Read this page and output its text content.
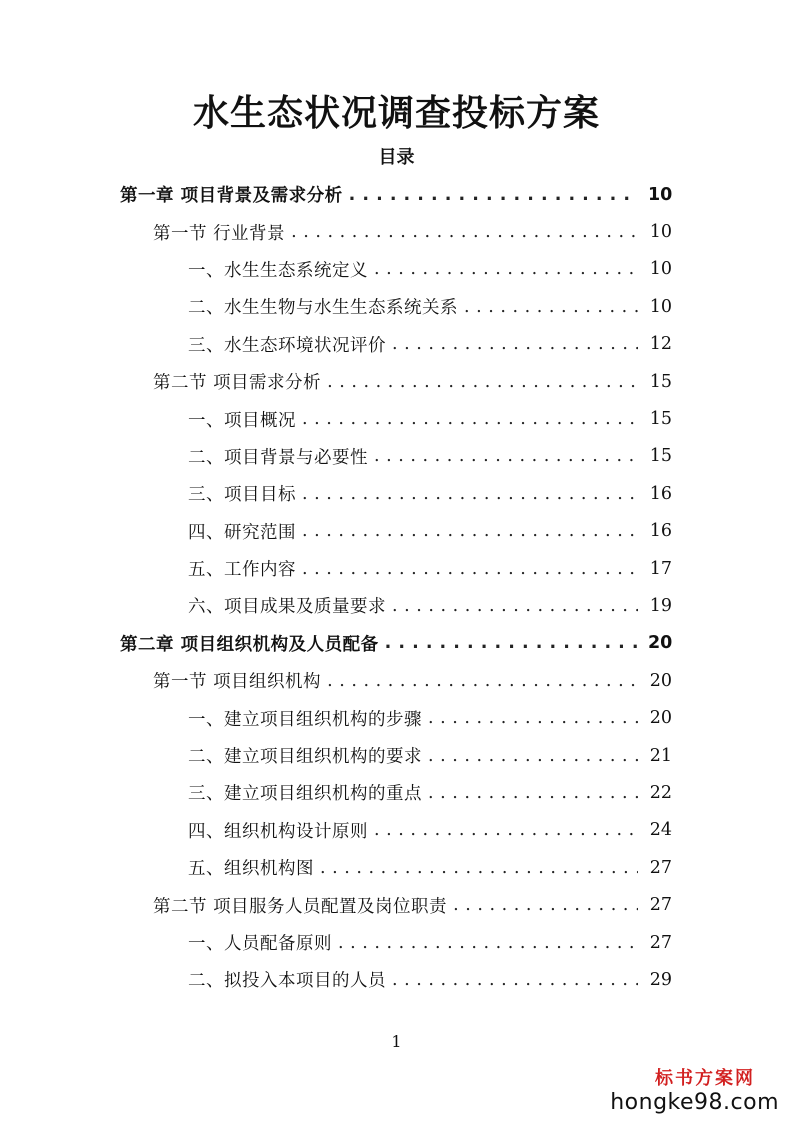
水生态状况调查投标方案
目录
第一章 项目背景及需求分析 . . .	10
第一节 行业背景 . . .	10
一、水生生态系统定义 . . .	10
二、水生生物与水生生态系统关系 . . .	10
三、水生态环境状况评价 . . .	12
第二节 项目需求分析 . . .	15
一、项目概况 . . .	15
二、项目背景与必要性 . . .	15
三、项目目标 . . .	16
四、研究范围 . . .	16
五、工作内容 . . .	17
六、项目成果及质量要求 . . .	19
第二章 项目组织机构及人员配备 . . .	20
第一节 项目组织机构 . . .	20
一、建立项目组织机构的步骤 . . .	20
二、建立项目组织机构的要求 . . .	21
三、建立项目组织机构的重点 . . .	22
四、组织机构设计原则 . . .	24
五、组织机构图 . . .	27
第二节 项目服务人员配置及岗位职责 . . .	27
一、人员配备原则 . . .	27
二、拟投入本项目的人员 . . .	29
1
标书方案网
hongke98.com
